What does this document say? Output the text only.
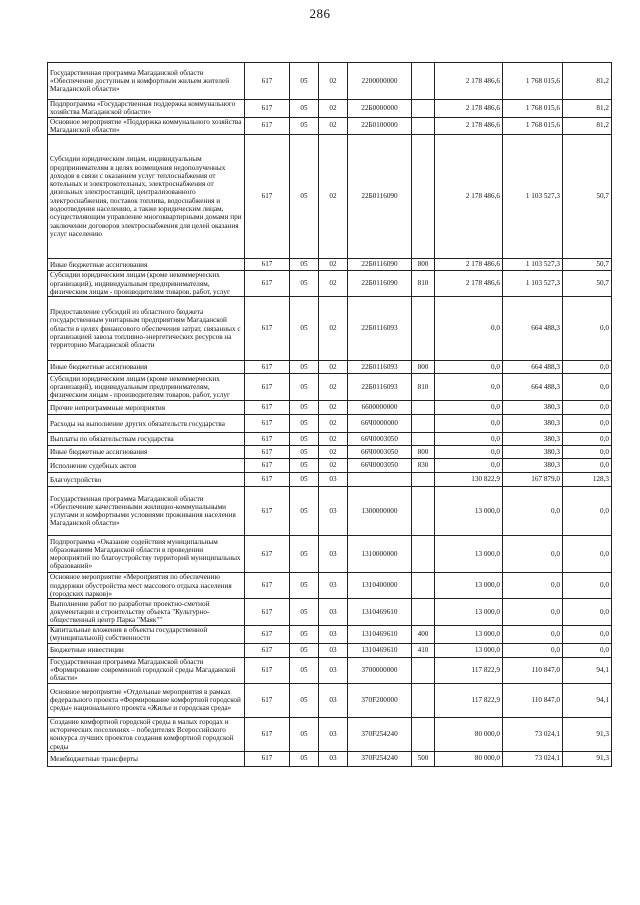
286
Государственная программа Магаданской области «Обеспечение доступным и комфортным жильем жителей Магаданской области»	617	05	02	2200000000		2 178 486,6	1 768 015,6	81,2
Подпрограмма «Государственная поддержка коммунального хозяйства Магаданской области»	617	05	02	22Б0000000		2 178 486,6	1 768 015,6	81,2
Основное мероприятие «Поддержка коммунального хозяйства Магаданской области»	617	05	02	22Б0100000		2 178 486,6	1 768 015,6	81,2
Субсидии юридическим лицам, индивидуальным предпринимателям в целях возмещения недополученных доходов в связи с оказанием услуг теплоснабжения от котельных и электрокотельных, электроснабжения от дизельных электростанций, централизованного электроснабжения, поставок топлива, водоснабжения и водоотведения населению, а также юридическим лицам, осуществляющим управление многоквартирными домами при заключении договоров электроснабжения для целей оказания услуг населению	617	05	02	22Б0116090		2 178 486,6	1 103 527,3	50,7
Иные бюджетные ассигнования	617	05	02	22Б0116090	800	2 178 486,6	1 103 527,3	50,7
Субсидии юридическим лицам (кроме некоммерческих организаций), индивидуальным предпринимателям, физическим лицам - производителям товаров, работ, услуг	617	05	02	22Б0116090	810	2 178 486,6	1 103 527,3	50,7
Предоставление субсидий из областного бюджета государственным унитарным предприятиям Магаданской области в целях финансового обеспечения затрат, связанных с организацией завоза топливно-энергетических ресурсов на территорию Магаданской области	617	05	02	22Б0116093		0,0	664 488,3	0,0
Иные бюджетные ассигнования	617	05	02	22Б0116093	800	0,0	664 488,3	0,0
Субсидии юридическим лицам (кроме некоммерческих организаций), индивидуальным предпринимателям, физическим лицам - производителям товаров, работ, услуг	617	05	02	22Б0116093	810	0,0	664 488,3	0,0
Прочие непрограммные мероприятия	617	05	02	6600000000		0,0	380,3	0,0
Расходы на выполнение других обязательств государства	617	05	02	66Ч0000000		0,0	380,3	0,0
Выплаты по обязательствам государства	617	05	02	66Ч0003050		0,0	380,3	0,0
Иные бюджетные ассигнования	617	05	02	66Ч0003050	800	0,0	380,3	0,0
Исполнение судебных актов	617	05	02	66Ч0003050	830	0,0	380,3	0,0
Благоустройство	617	05	03			130 822,9	167 879,0	128,3
Государственная программа Магаданской области «Обеспечение качественными жилищно-коммунальными услугами и комфортными условиями проживания населения Магаданской области»	617	05	03	1300000000		13 000,0	0,0	0,0
Подпрограмма «Оказание содействия муниципальным образованиям Магаданской области в проведении мероприятий по благоустройству территорий муниципальных образований»	617	05	03	1310000000		13 000,0	0,0	0,0
Основное мероприятие «Мероприятия по обеспечению поддержки обустройства мест массового отдыха населения (городских парков)»	617	05	03	1310400000		13 000,0	0,0	0,0
Выполнение работ по разработке проектно-сметной документации и строительству объекта "Культурно-общественный центр Парка "Маяк""	617	05	03	1310469610		13 000,0	0,0	0,0
Капитальные вложения в объекты государственной (муниципальной) собственности	617	05	03	1310469610	400	13 000,0	0,0	0,0
Бюджетные инвестиции	617	05	03	1310469610	410	13 000,0	0,0	0,0
Государственная программа Магаданской области «Формирование современной городской среды Магаданской области»	617	05	03	3700000000		117 822,9	110 847,0	94,1
Основное мероприятие «Отдельные мероприятия в рамках федерального проекта «Формирование комфортной городской среды» национального проекта «Жилье и городская среда»	617	05	03	370F200000		117 822,9	110 847,0	94,1
Создание комфортной городской среды в малых городах и исторических поселениях – победителях Всероссийского конкурса лучших проектов создания комфортной городской среды	617	05	03	370F254240		80 000,0	73 024,1	91,3
Межбюджетные трансферты	617	05	03	370F254240	500	80 000,0	73 024,1	91,3
